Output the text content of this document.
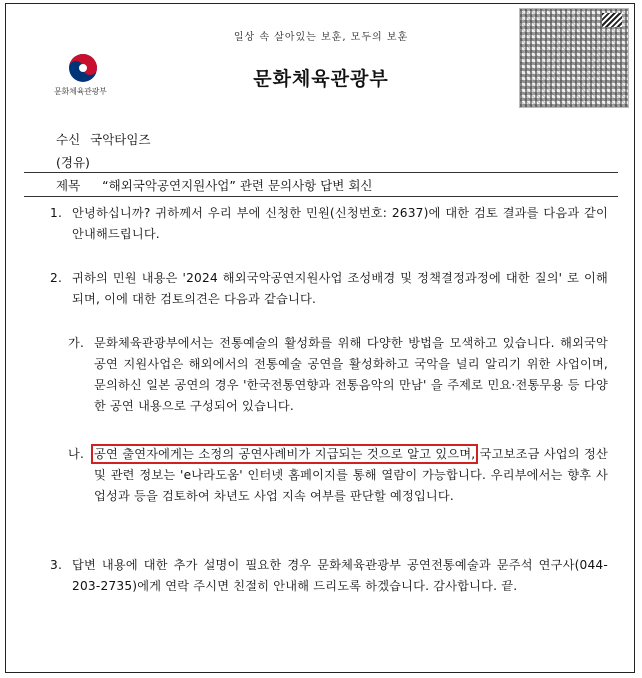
일상 속 살아있는 보훈, 모두의 보훈
문화체육관광부
문화체육관광부
수신 국악타임즈
(경유)
제목 “해외국악공연지원사업” 관련 문의사항 답변 회신
1. 안녕하십니까? 귀하께서 우리 부에 신청한 민원(신청번호: 2637)에 대한 검토 결과를 다음과 같이 안내해드립니다.
2. 귀하의 민원 내용은 '2024 해외국악공연지원사업 조성배경 및 정책결정과정에 대한 질의' 로 이해되며, 이에 대한 검토의견은 다음과 같습니다.
가. 문화체육관광부에서는 전통예술의 활성화를 위해 다양한 방법을 모색하고 있습니다. 해외국악공연 지원사업은 해외에서의 전통예술 공연을 활성화하고 국악을 널리 알리기 위한 사업이며, 문의하신 일본 공연의 경우 '한국전통연향과 전통음악의 만남' 을 주제로 민요·전통무용 등 다양한 공연 내용으로 구성되어 있습니다.
나. 공연 출연자에게는 소정의 공연사례비가 지급되는 것으로 알고 있으며, 국고보조금 사업의 정산 및 관련 정보는 'e나라도움' 인터넷 홈페이지를 통해 열람이 가능합니다. 우리부에서는 향후 사업성과 등을 검토하여 차년도 사업 지속 여부를 판단할 예정입니다.
3. 답변 내용에 대한 추가 설명이 필요한 경우 문화체육관광부 공연전통예술과 문주석 연구사(044-203-2735)에게 연락 주시면 친절히 안내해 드리도록 하겠습니다. 감사합니다. 끝.
